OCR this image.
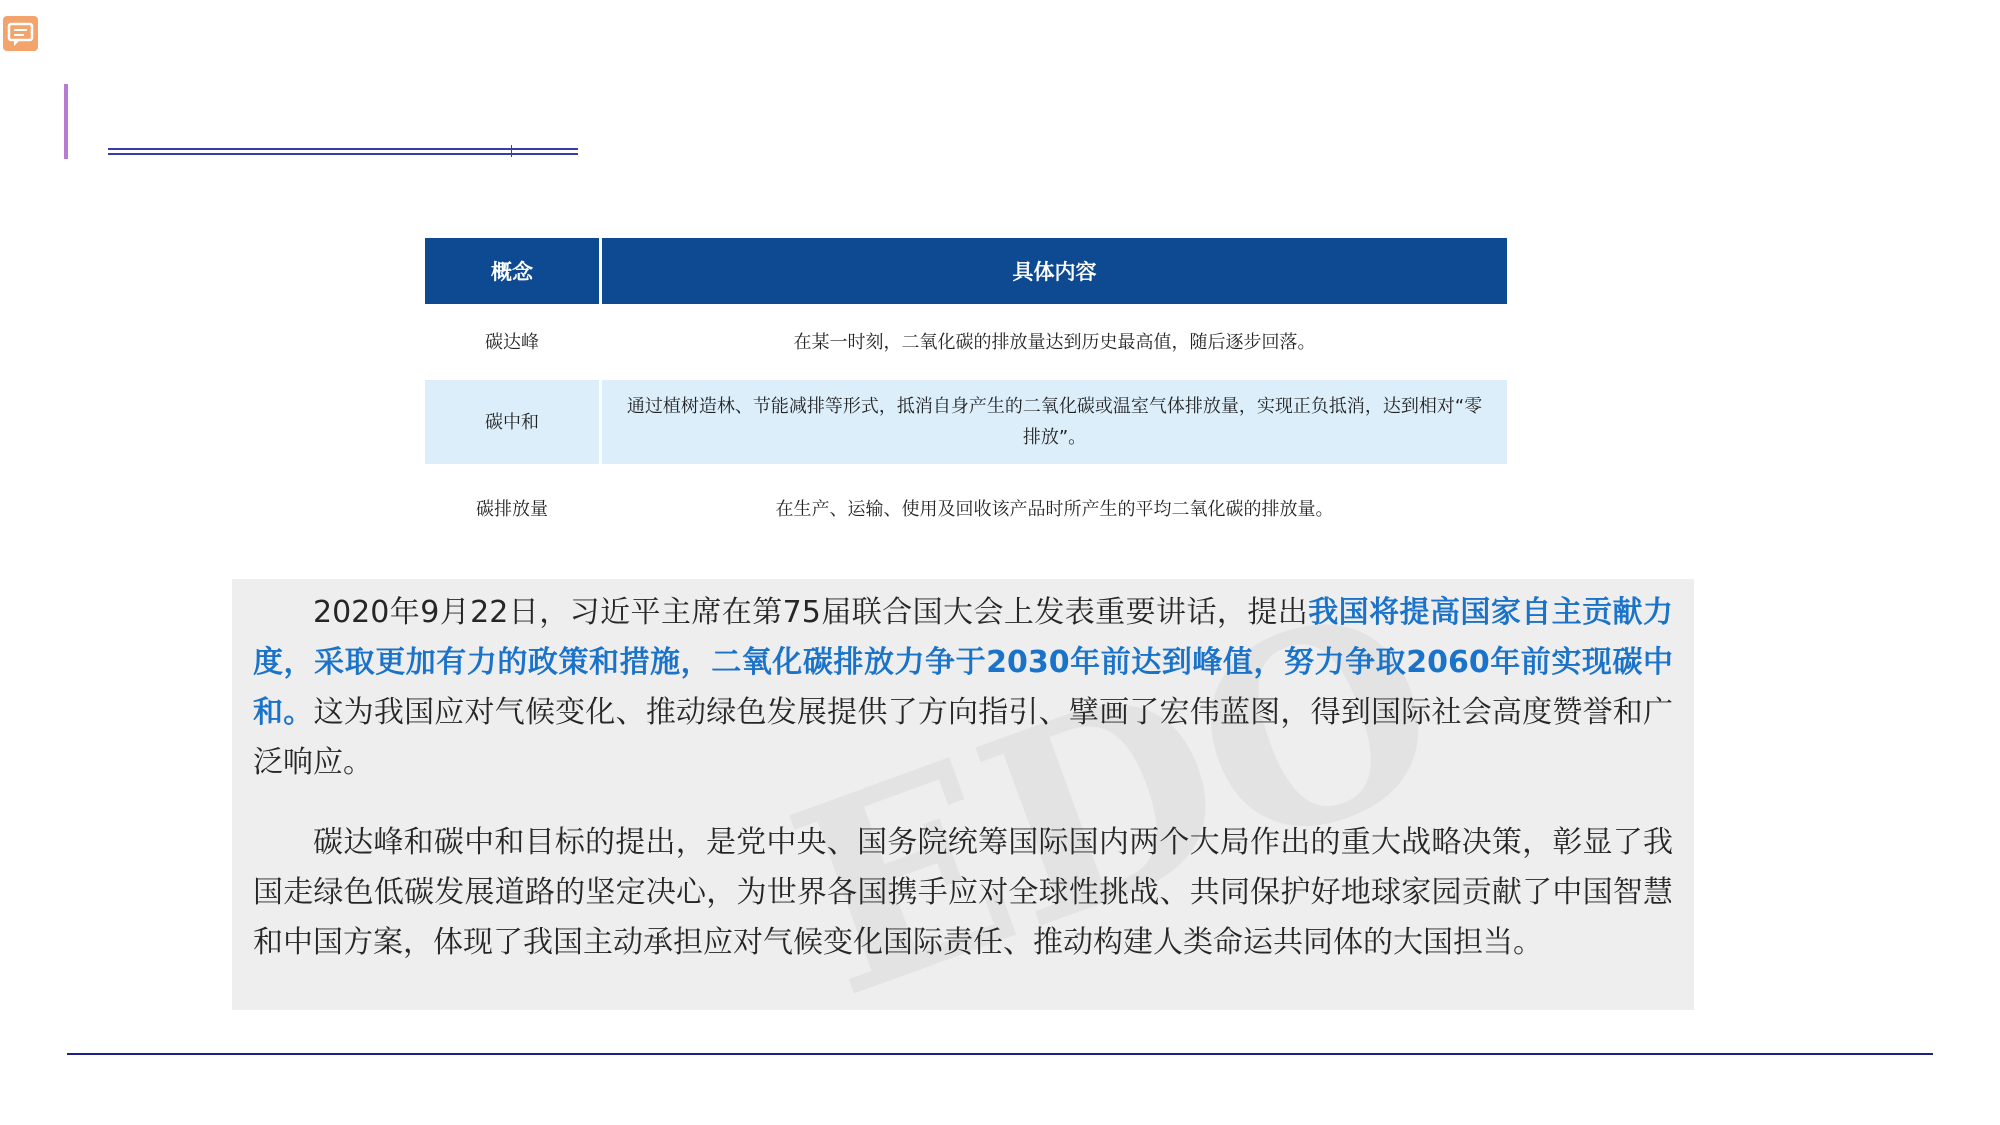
概念	具体内容
碳达峰	在某一时刻，二氧化碳的排放量达到历史最高值，随后逐步回落。
碳中和	通过植树造林、节能减排等形式，抵消自身产生的二氧化碳或温室气体排放量，实现正负抵消，达到相对“零排放”。
碳排放量	在生产、运输、使用及回收该产品时所产生的平均二氧化碳的排放量。

2020年9月22日，习近平主席在第75届联合国大会上发表重要讲话，提出我国将提高国家自主贡献力度，采取更加有力的政策和措施，二氧化碳排放力争于2030年前达到峰值，努力争取2060年前实现碳中和。这为我国应对气候变化、推动绿色发展提供了方向指引、擘画了宏伟蓝图，得到国际社会高度赞誉和广泛响应。

碳达峰和碳中和目标的提出，是党中央、国务院统筹国际国内两个大局作出的重大战略决策，彰显了我国走绿色低碳发展道路的坚定决心，为世界各国携手应对全球性挑战、共同保护好地球家园贡献了中国智慧和中国方案，体现了我国主动承担应对气候变化国际责任、推动构建人类命运共同体的大国担当。
